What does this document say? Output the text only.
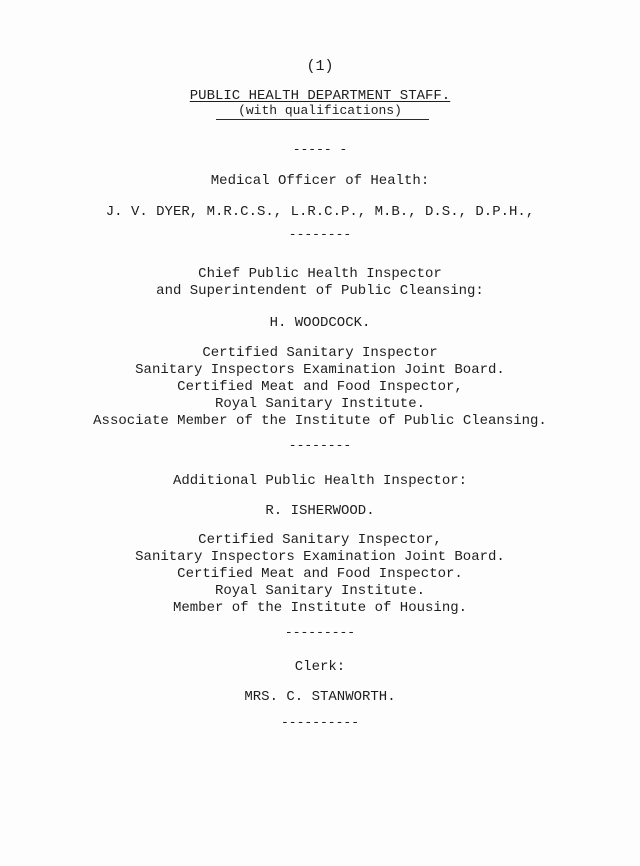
(1)
PUBLIC HEALTH DEPARTMENT STAFF.
(with qualifications)
----- -
Medical Officer of Health:
J. V. DYER, M.R.C.S., L.R.C.P., M.B., D.S., D.P.H.,
--------
Chief Public Health Inspector
and Superintendent of Public Cleansing:
H. WOODCOCK.
Certified Sanitary Inspector
Sanitary Inspectors Examination Joint Board.
Certified Meat and Food Inspector,
Royal Sanitary Institute.
Associate Member of the Institute of Public Cleansing.
--------
Additional Public Health Inspector:
R. ISHERWOOD.
Certified Sanitary Inspector,
Sanitary Inspectors Examination Joint Board.
Certified Meat and Food Inspector.
Royal Sanitary Institute.
Member of the Institute of Housing.
---------
Clerk:
MRS. C. STANWORTH.
----------
